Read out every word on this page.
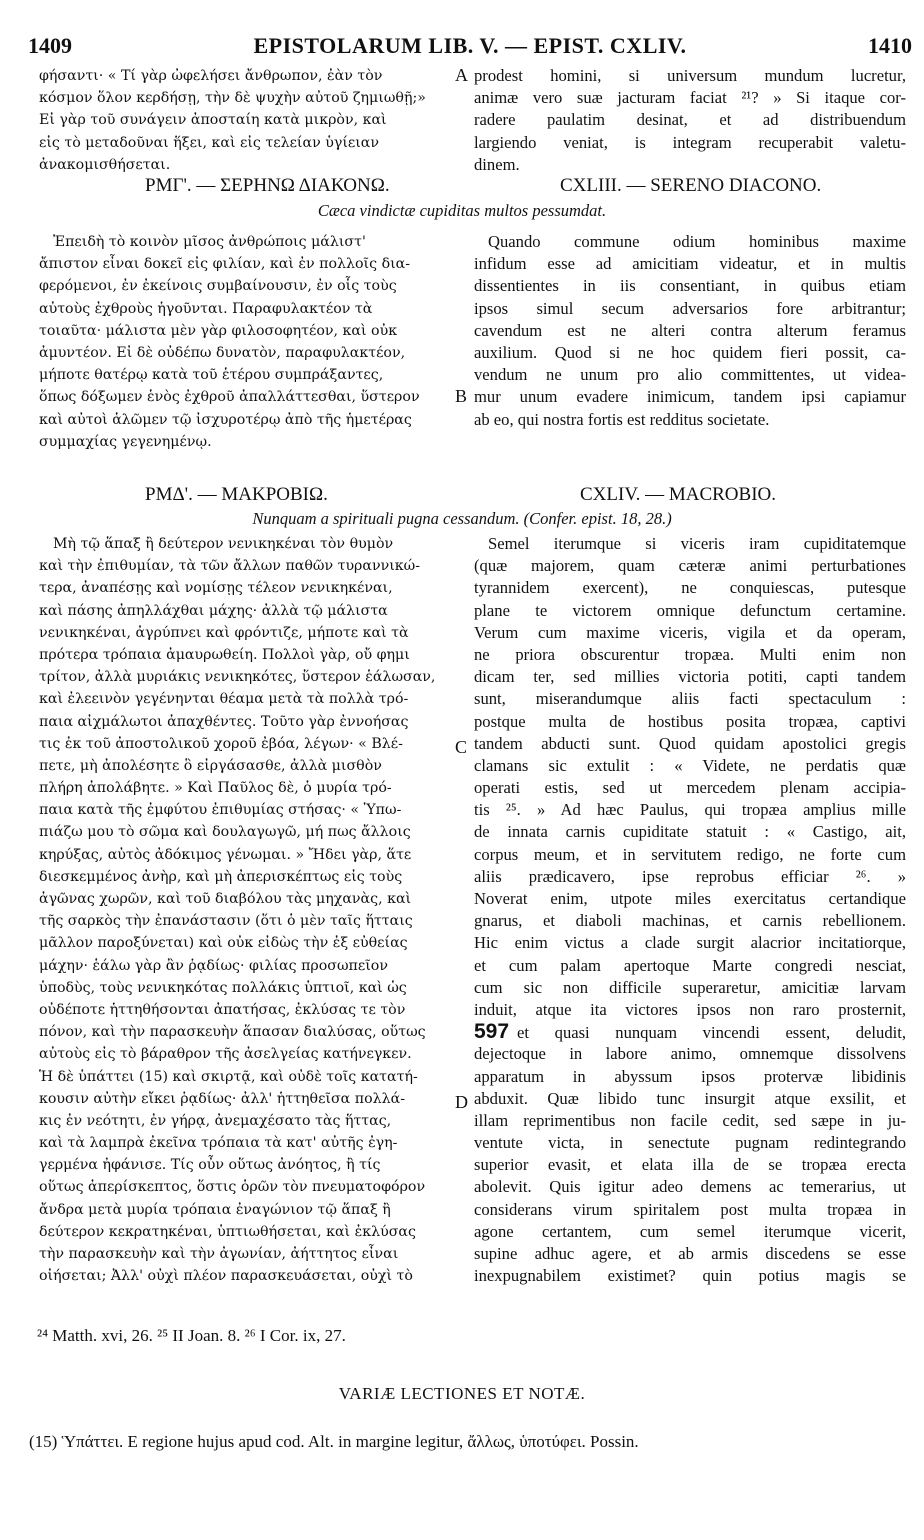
1409	EPISTOLARUM LIB. V. — EPIST. CXLIV.	1410
φήσαντι· « Τί γὰρ ὠφελήσει ἄνθρωπον, ἐὰν τὸν
κόσμον ὅλον κερδήσῃ, τὴν δὲ ψυχὴν αὐτοῦ ζημιωθῇ;»
Εἰ γὰρ τοῦ συνάγειν ἀποσταίη κατὰ μικρὸν, καὶ
εἰς τὸ μεταδοῦναι ἥξει, καὶ εἰς τελείαν ὑγίειαν
ἀνακομισθήσεται.
A prodest homini, si universum mundum lucretur,
animæ vero suæ jacturam faciat ²¹? » Si itaque cor-
radere paulatim desinat, et ad distribuendum
largiendo veniat, is integram recuperabit valetu-
dinem.
ΡΜΓ'. — ΣΕΡΗΝΩ ΔΙΑΚΟΝΩ.	CXLIII. — SERENO DIACONO.
Cæca vindictæ cupiditas multos pessumdat.
Ἐπειδὴ τὸ κοινὸν μῖσος ἀνθρώποις μάλιστ'
ἄπιστον εἶναι δοκεῖ εἰς φιλίαν, καὶ ἐν πολλοῖς δια-
φερόμενοι, ἐν ἐκείνοις συμβαίνουσιν, ἐν οἷς τοὺς
αὐτοὺς ἐχθροὺς ἡγοῦνται. Παραφυλακτέον τὰ
τοιαῦτα· μάλιστα μὲν γὰρ φιλοσοφητέον, καὶ οὐκ
ἀμυντέον. Εἰ δὲ οὐδέπω δυνατὸν, παραφυλακτέον,
μήποτε θατέρῳ κατὰ τοῦ ἑτέρου συμπράξαντες,
ὅπως δόξωμεν ἑνὸς ἐχθροῦ ἀπαλλάττεσθαι, ὕστερον
καὶ αὐτοὶ ἁλῶμεν τῷ ἰσχυροτέρῳ ἀπὸ τῆς ἡμετέρας
συμμαχίας γεγενημένῳ.
B
Quando commune odium hominibus maxime
infidum esse ad amicitiam videatur, et in multis
dissentientes in iis consentiant, in quibus etiam
ipsos simul secum adversarios fore arbitrantur;
cavendum est ne alteri contra alterum feramus
auxilium. Quod si ne hoc quidem fieri possit, ca-
vendum ne unum pro alio committentes, ut videa-
mur unum evadere inimicum, tandem ipsi capiamur
ab eo, qui nostra fortis est redditus societate.
ΡΜΔ'. — ΜΑΚΡΟΒΙΩ.	CXLIV. — MACROBIO.
Nunquam a spirituali pugna cessandum. (Confer. epist. 18, 28.)
Μὴ τῷ ἅπαξ ἢ δεύτερον νενικηκέναι τὸν θυμὸν
καὶ τὴν ἐπιθυμίαν, τὰ τῶν ἄλλων παθῶν τυραννικώ-
τερα, ἀναπέσῃς καὶ νομίσῃς τέλεον νενικηκέναι,
καὶ πάσης ἀπηλλάχθαι μάχης· ἀλλὰ τῷ μάλιστα
νενικηκέναι, ἀγρύπνει καὶ φρόντιζε, μήποτε καὶ τὰ
πρότερα τρόπαια ἀμαυρωθείη. Πολλοὶ γὰρ, οὔ φημι
τρίτον, ἀλλὰ μυριάκις νενικηκότες, ὕστερον ἑάλωσαν,
καὶ ἐλεεινὸν γεγένηνται θέαμα μετὰ τὰ πολλὰ τρό-
παια αἰχμάλωτοι ἀπαχθέντες. Τοῦτο γὰρ ἐννοήσας
τις ἐκ τοῦ ἀποστολικοῦ χοροῦ ἐβόα, λέγων· « Βλέ-
πετε, μὴ ἀπολέσητε ὃ εἰργάσασθε, ἀλλὰ μισθὸν
πλήρη ἀπολάβητε. » Καὶ Παῦλος δὲ, ὁ μυρία τρό-
παια κατὰ τῆς ἐμφύτου ἐπιθυμίας στήσας· « Ὑπω-
πιάζω μου τὸ σῶμα καὶ δουλαγωγῶ, μή πως ἄλλοις
κηρύξας, αὐτὸς ἀδόκιμος γένωμαι. » Ἤδει γὰρ, ἅτε
διεσκεμμένος ἀνὴρ, καὶ μὴ ἀπερισκέπτως εἰς τοὺς
ἀγῶνας χωρῶν, καὶ τοῦ διαβόλου τὰς μηχανὰς, καὶ
τῆς σαρκὸς τὴν ἐπανάστασιν (ὅτι ὁ μὲν ταῖς ἥτταις
μᾶλλον παροξύνεται) καὶ οὐκ εἰδὼς τὴν ἐξ εὐθείας
μάχην· ἑάλω γὰρ ἂν ῥᾳδίως· φιλίας προσωπεῖον
ὑποδὺς, τοὺς νενικηκότας πολλάκις ὑπτιοῖ, καὶ ὡς
οὐδέποτε ἡττηθήσονται ἀπατήσας, ἐκλύσας τε τὸν
πόνον, καὶ τὴν παρασκευὴν ἅπασαν διαλύσας, οὕτως
αὐτοὺς εἰς τὸ βάραθρον τῆς ἀσελγείας κατήνεγκεν.
Ἡ δὲ ὑπάττει (15) καὶ σκιρτᾷ, καὶ οὐδὲ τοῖς κατατή-
κουσιν αὐτὴν εἴκει ῥᾳδίως· ἀλλ' ἡττηθεῖσα πολλά-
κις ἐν νεότητι, ἐν γήρᾳ, ἀνεμαχέσατο τὰς ἥττας,
καὶ τὰ λαμπρὰ ἐκεῖνα τρόπαια τὰ κατ' αὐτῆς ἐγη-
γερμένα ἠφάνισε. Τίς οὖν οὕτως ἀνόητος, ἢ τίς
οὕτως ἀπερίσκεπτος, ὅστις ὁρῶν τὸν πνευματοφόρον
ἄνδρα μετὰ μυρία τρόπαια ἐναγώνιον τῷ ἅπαξ ἢ
δεύτερον κεκρατηκέναι, ὑπτιωθήσεται, καὶ ἐκλύσας
τὴν παρασκευὴν καὶ τὴν ἀγωνίαν, ἀήττητος εἶναι
οἰήσεται; Ἀλλ' οὐχὶ πλέον παρασκευάσεται, οὐχὶ τὸ
C
D
Semel iterumque si viceris iram cupiditatemque
(quæ majorem, quam cæteræ animi perturbationes
tyrannidem exercent), ne conquiescas, putesque
plane te victorem omnique defunctum certamine.
Verum cum maxime viceris, vigila et da operam,
ne priora obscurentur tropæa. Multi enim non
dicam ter, sed millies victoria potiti, capti tandem
sunt, miserandumque aliis facti spectaculum :
postque multa de hostibus posita tropæa, captivi
tandem abducti sunt. Quod quidam apostolici gregis
clamans sic extulit : « Videte, ne perdatis quæ
operati estis, sed ut mercedem plenam accipia-
tis ²⁵. » Ad hæc Paulus, qui tropæa amplius mille
de innata carnis cupiditate statuit : « Castigo, ait,
corpus meum, et in servitutem redigo, ne forte cum
aliis prædicavero, ipse reprobus efficiar ²⁶. »
Noverat enim, utpote miles exercitatus certandique
gnarus, et diaboli machinas, et carnis rebellionem.
Hic enim victus a clade surgit alacrior incitatiorque,
et cum palam apertoque Marte congredi nesciat,
cum sic non difficile superaretur, amicitiæ larvam
induit, atque ita victores ipsos non raro prosternit,
597 et quasi nunquam vincendi essent, deludit,
dejectoque in labore animo, omnemque dissolvens
apparatum in abyssum ipsos protervæ libidinis
abduxit. Quæ libido tunc insurgit atque exsilit, et
illam reprimentibus non facile cedit, sed sæpe in ju-
ventute victa, in senectute pugnam redintegrando
superior evasit, et elata illa de se tropæa erecta
abolevit. Quis igitur adeo demens ac temerarius, ut
considerans virum spiritalem post multa tropæa in
agone certantem, cum semel iterumque vicerit,
supine adhuc agere, et ab armis discedens se esse
inexpugnabilem existimet? quin potius magis se
²⁴ Matth. xvi, 26. ²⁵ II Joan. 8. ²⁶ I Cor. ix, 27.
VARIÆ LECTIONES ET NOTÆ.
(15) Ὑπάττει. E regione hujus apud cod. Alt. in margine legitur, ἄλλως, ὑποτύφει. Possin.
